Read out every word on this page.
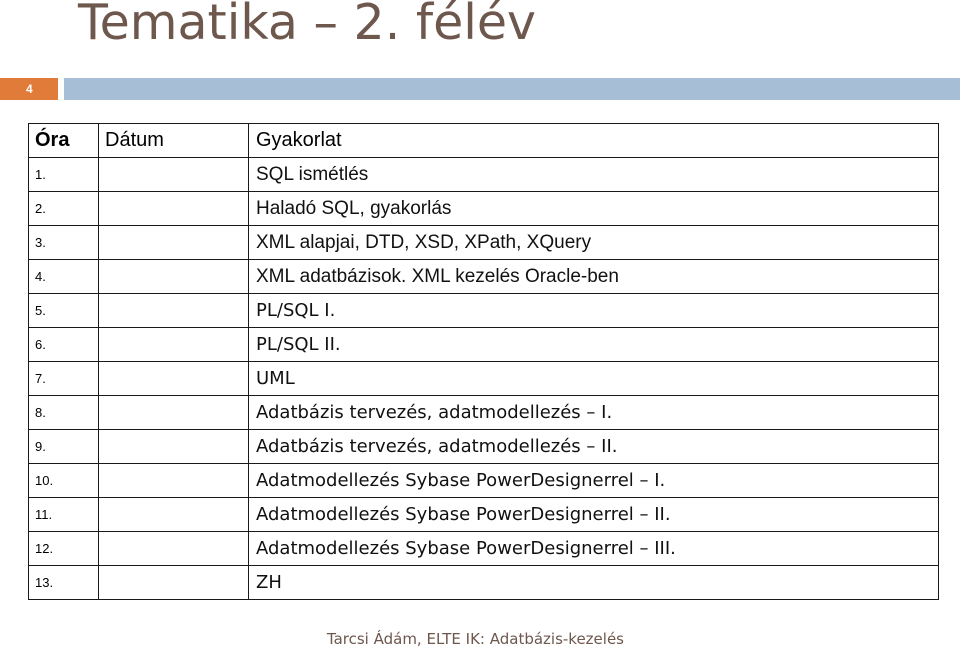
Tematika – 2. félév
4
Óra	Dátum	Gyakorlat
1.		SQL ismétlés
2.		Haladó SQL, gyakorlás
3.		XML alapjai, DTD, XSD, XPath, XQuery
4.		XML adatbázisok. XML kezelés Oracle-ben
5.		PL/SQL I.
6.		PL/SQL II.
7.		UML
8.		Adatbázis tervezés, adatmodellezés – I.
9.		Adatbázis tervezés, adatmodellezés – II.
10.		Adatmodellezés Sybase PowerDesignerrel – I.
11.		Adatmodellezés Sybase PowerDesignerrel – II.
12.		Adatmodellezés Sybase PowerDesignerrel – III.
13.		ZH
Tarcsi Ádám, ELTE IK: Adatbázis-kezelés
